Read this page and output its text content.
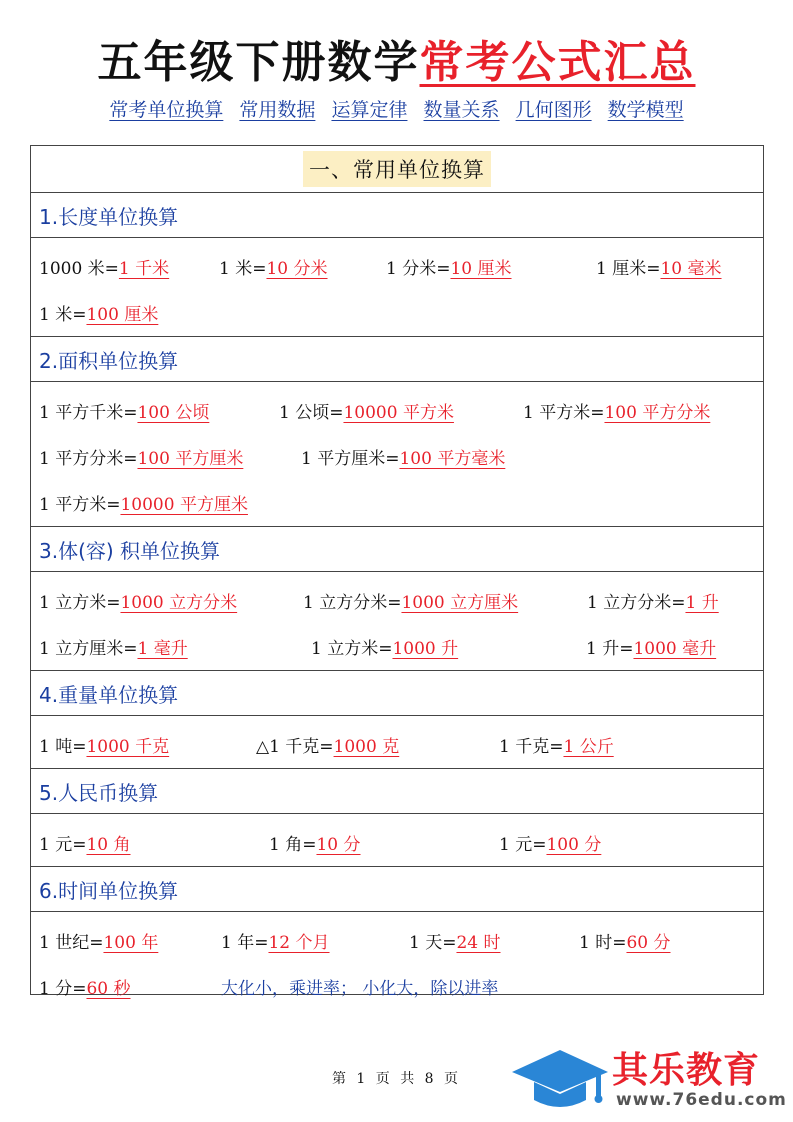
五年级下册数学常考公式汇总
常考单位换算 常用数据 运算定律 数量关系 几何图形 数学模型
一、常用单位换算
1.长度单位换算
1000 米=1 千米	1 米=10 分米	1 分米=10 厘米	1 厘米=10 毫米
1 米=100 厘米
2.面积单位换算
1 平方千米=100 公顷	1 公顷=10000 平方米	1 平方米=100 平方分米
1 平方分米=100 平方厘米	1 平方厘米=100 平方毫米
1 平方米=10000 平方厘米
3.体(容) 积单位换算
1 立方米=1000 立方分米	1 立方分米=1000 立方厘米	1 立方分米=1 升
1 立方厘米=1 毫升	1 立方米=1000 升	1 升=1000 毫升
4.重量单位换算
1 吨=1000 千克	△1 千克=1000 克	1 千克=1 公斤
5.人民币换算
1 元=10 角	1 角=10 分	1 元=100 分
6.时间单位换算
1 世纪=100 年	1 年=12 个月	1 天=24 时	1 时=60 分
1 分=60 秒	大化小，乘进率； 小化大，除以进率
第 1 页 共 8 页	其乐教育
www.76edu.com
